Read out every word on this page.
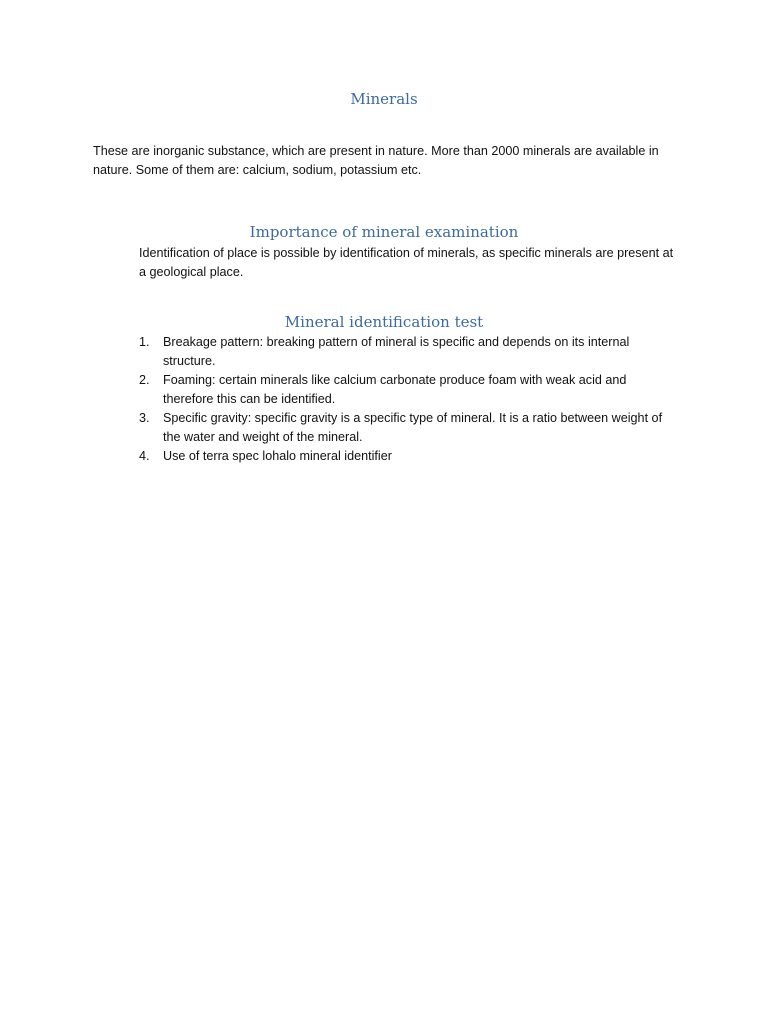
Minerals

These are inorganic substance, which are present in nature. More than 2000 minerals are available in nature. Some of them are: calcium, sodium, potassium etc.

Importance of mineral examination

Identification of place is possible by identification of minerals, as specific minerals are present at a geological place.

Mineral identification test
1. Breakage pattern: breaking pattern of mineral is specific and depends on its internal structure.
2. Foaming: certain minerals like calcium carbonate produce foam with weak acid and therefore this can be identified.
3. Specific gravity: specific gravity is a specific type of mineral. It is a ratio between weight of the water and weight of the mineral.
4. Use of terra spec lohalo mineral identifier
